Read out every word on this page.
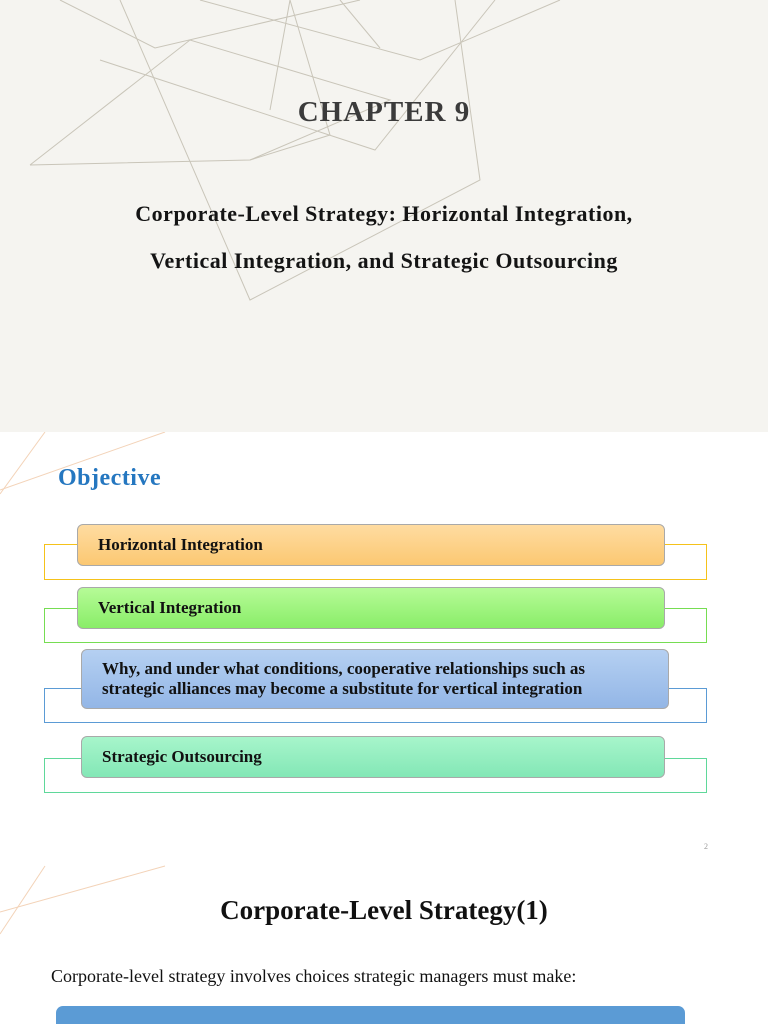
CHAPTER 9
Corporate-Level Strategy: Horizontal Integration,
Vertical Integration, and Strategic Outsourcing
Objective
Horizontal Integration
Vertical Integration
Why, and under what conditions, cooperative relationships such as
strategic alliances may become a substitute for vertical integration
Strategic Outsourcing
2
Corporate-Level Strategy(1)
Corporate-level strategy involves choices strategic managers must make:
